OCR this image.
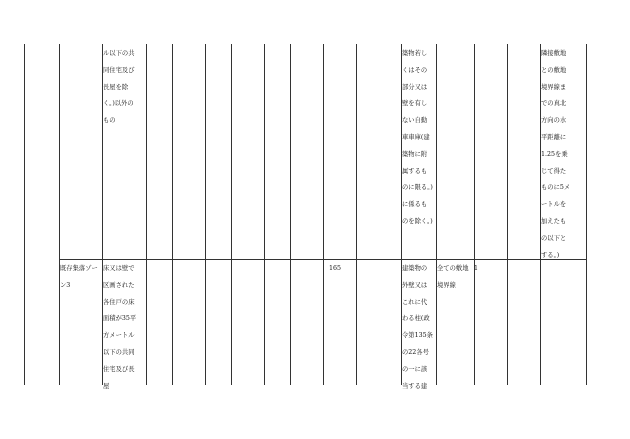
ル以下の共
同住宅及び
長屋を除
く。)以外の
もの
築物若し
くはその
部分又は
壁を有し
ない自動
車車庫(建
築物に附
属するも
のに限る。)
に係るも
のを除く。)
隣接敷地
との敷地
境界線ま
での真北
方向の水
平距離に
1.25を乗
じて得た
ものに5メ
ートルを
加えたも
の以下と
する。)
既存集落ゾー
ン3
床又は壁で
区画された
各住戸の床
面積が35平
方メートル
以下の共同
住宅及び長
屋
165	建築物の
外壁又は
これに代
わる柱(政
令第135条
の22各号
の一に該
当する建
全ての敷地
境界線
1
